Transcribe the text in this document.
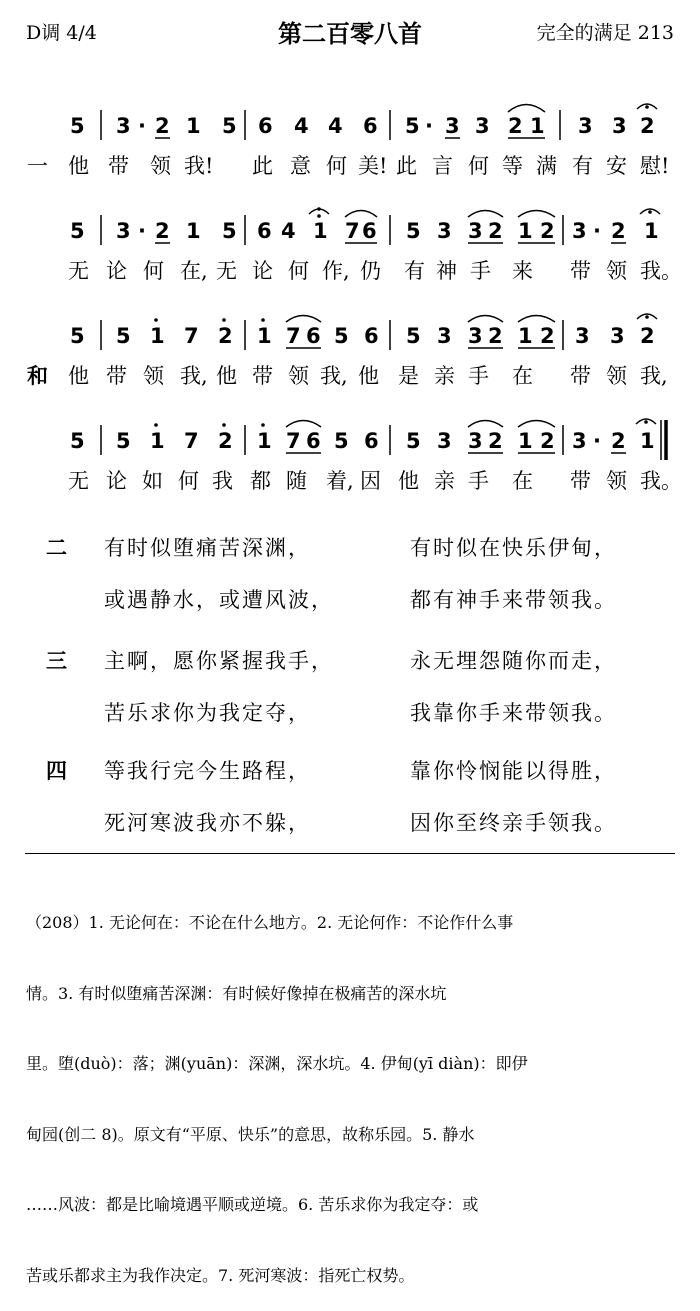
D调 4/4	第二百零八首	完全的满足 213
5 3 · 2 1 5 6 4 4 6 5 · 3 3 2 1 3 3 2
一 他 带 领 我! 此 意 何 美! 此 言 何 等 满 有 安 慰!
5 3 · 2 1 5 6 4 1 7 6 5 3 3 2 1 2 3 · 2 1
无 论 何 在, 无 论 何 作, 仍 有 神 手 来 带 领 我。
5 5 1 7 2 1 7 6 5 6 5 3 3 2 1 2 3 3 2
和 他 带 领 我, 他 带 领 我, 他 是 亲 手 在 带 领 我,
5 5 1 7 2 1 7 6 5 6 5 3 3 2 1 2 3 · 2 1
无 论 如 何 我 都 随 着, 因 他 亲 手 在 带 领 我。
二 有时似堕痛苦深渊，	有时似在快乐伊甸，
或遇静水，或遭风波，	都有神手来带领我。
三 主啊，愿你紧握我手，	永无埋怨随你而走，
苦乐求你为我定夺，	我靠你手来带领我。
四 等我行完今生路程，	靠你怜悯能以得胜，
死河寒波我亦不躲，	因你至终亲手领我。

（208）1. 无论何在：不论在什么地方。2. 无论何作：不论作什么事

情。3. 有时似堕痛苦深渊：有时候好像掉在极痛苦的深水坑

里。堕(duò)：落；渊(yuān)：深渊，深水坑。4. 伊甸(yī diàn)：即伊

甸园(创二 8)。原文有“平原、快乐”的意思，故称乐园。5. 静水

……风波：都是比喻境遇平顺或逆境。6. 苦乐求你为我定夺：或

苦或乐都求主为我作决定。7. 死河寒波：指死亡权势。
